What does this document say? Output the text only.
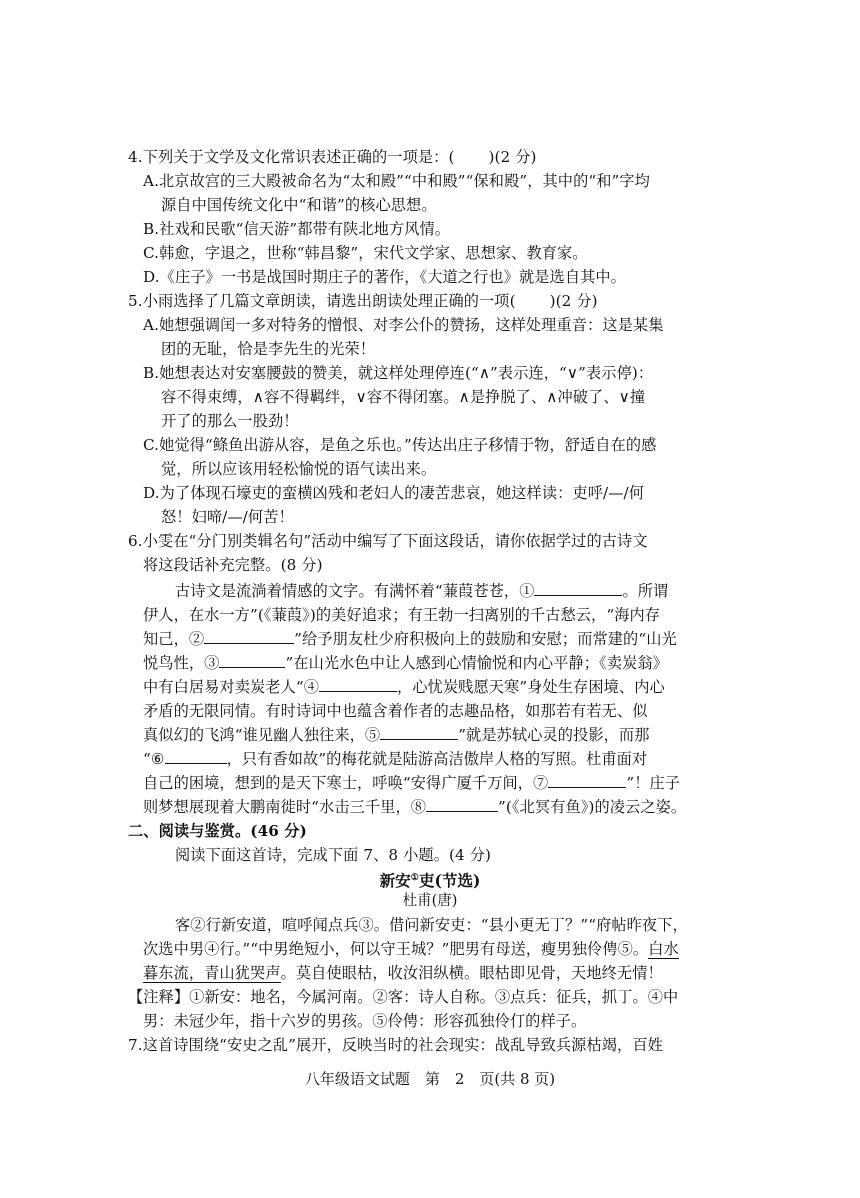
4.下列关于文学及文化常识表述正确的一项是：( )(2 分)
A.北京故宫的三大殿被命名为“太和殿”“中和殿”“保和殿”，其中的“和”字均
源自中国传统文化中“和谐”的核心思想。
B.社戏和民歌“信天游”都带有陕北地方风情。
C.韩愈，字退之，世称“韩昌黎”，宋代文学家、思想家、教育家。
D.《庄子》一书是战国时期庄子的著作，《大道之行也》就是选自其中。
5.小雨选择了几篇文章朗读，请选出朗读处理正确的一项( )(2 分)
A.她想强调闰一多对特务的憎恨、对李公仆的赞扬，这样处理重音：这是某集
团的无耻，恰是李先生的光荣！
B.她想表达对安塞腰鼓的赞美，就这样处理停连(“∧”表示连，“∨”表示停)：
容不得束缚，∧容不得羁绊，∨容不得闭塞。∧是挣脱了、∧冲破了、∨撞
开了的那么一股劲！
C.她觉得“鲦鱼出游从容，是鱼之乐也。”传达出庄子移情于物，舒适自在的感
觉，所以应该用轻松愉悦的语气读出来。
D.为了体现石壕吏的蛮横凶残和老妇人的凄苦悲哀，她这样读：吏呼/—/何
怒！妇啼/—/何苦！
6.小雯在“分门别类辑名句”活动中编写了下面这段话，请你依据学过的古诗文
将这段话补充完整。(8 分)
古诗文是流淌着情感的文字。有满怀着“蒹葭苍苍，①	。所谓
伊人，在水一方”(《蒹葭》)的美好追求；有王勃一扫离别的千古愁云，“海内存
知己，②	”给予朋友杜少府积极向上的鼓励和安慰；而常建的“山光
悦鸟性，③	”在山光水色中让人感到心情愉悦和内心平静；《卖炭翁》
中有白居易对卖炭老人“④	，心忧炭贱愿天寒”身处生存困境、内心
矛盾的无限同情。有时诗词中也蕴含着作者的志趣品格，如那若有若无、似
真似幻的飞鸿“谁见幽人独往来，⑤	”就是苏轼心灵的投影，而那
“⑥	，只有香如故”的梅花就是陆游高洁傲岸人格的写照。杜甫面对
自己的困境，想到的是天下寒士，呼唤“安得广厦千万间，⑦	”！庄子
则梦想展现着大鹏南徙时“水击三千里，⑧	”(《北冥有鱼》)的凌云之姿。
二、阅读与鉴赏。(46 分)
阅读下面这首诗，完成下面 7、8 小题。(4 分)
新安①吏(节选)
杜甫(唐)
客②行新安道，喧呼闻点兵③。借问新安吏：“县小更无丁？”“府帖昨夜下，
次选中男④行。”“中男绝短小，何以守王城？”肥男有母送，瘦男独伶俜⑤。白水
暮东流，青山犹哭声。莫自使眼枯，收汝泪纵横。眼枯即见骨，天地终无情！
【注释】①新安：地名，今属河南。②客：诗人自称。③点兵：征兵，抓丁。④中
男：未冠少年，指十六岁的男孩。⑤伶俜：形容孤独伶仃的样子。
7.这首诗围绕“安史之乱”展开，反映当时的社会现实：战乱导致兵源枯竭，百姓
八年级语文试题　第　2　页(共 8 页)
